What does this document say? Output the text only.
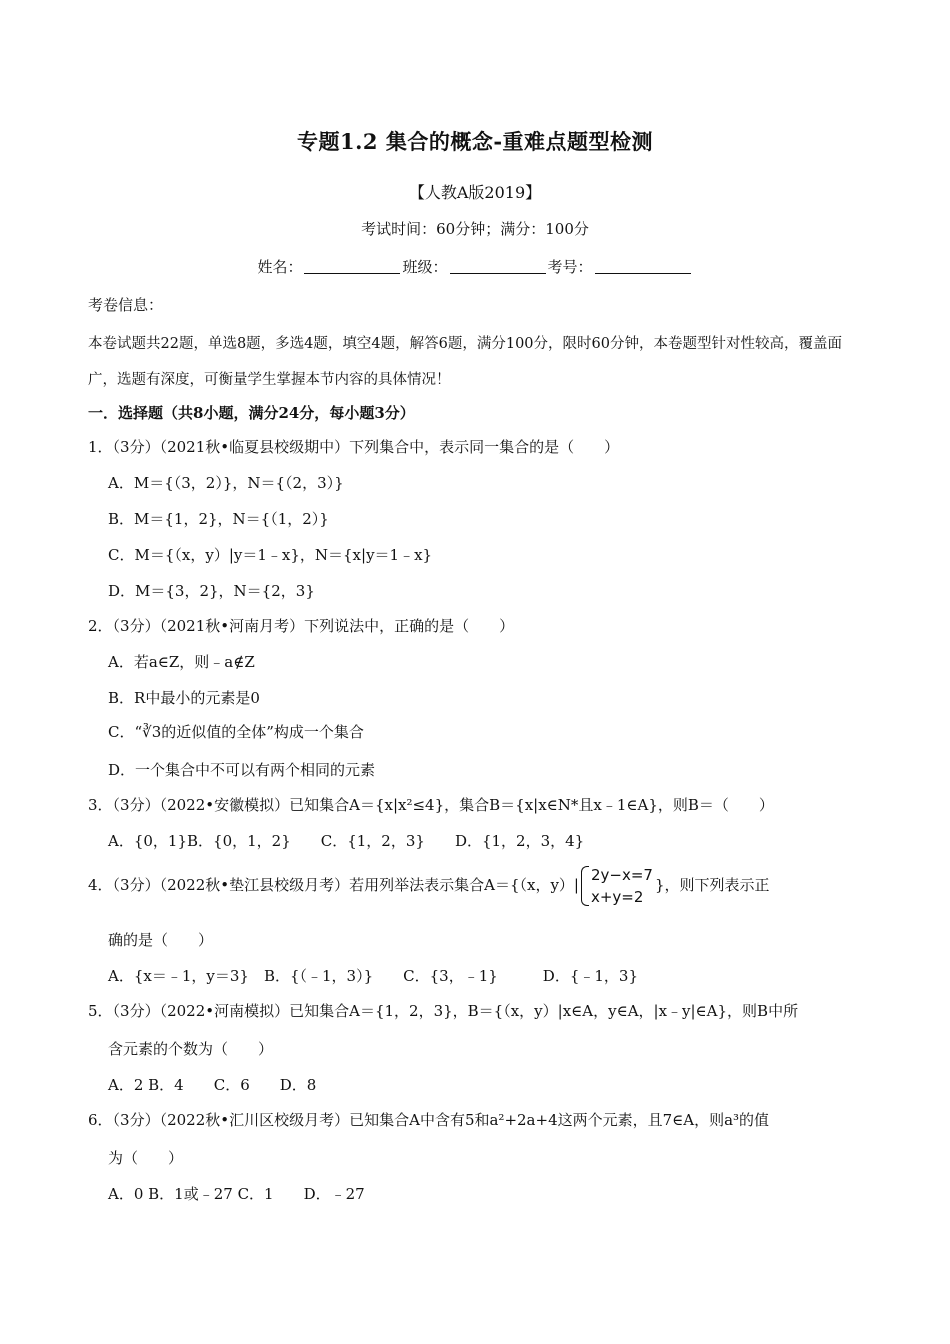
专题1.2 集合的概念-重难点题型检测
【人教A版2019】
考试时间：60分钟；满分：100分
姓名：	班级：	考号：
考卷信息：
本卷试题共22题，单选8题，多选4题，填空4题，解答6题，满分100分，限时60分钟，本卷题型针对性较高，覆盖面广，选题有深度，可衡量学生掌握本节内容的具体情况！
一．选择题（共8小题，满分24分，每小题3分）
1．（3分）（2021秋•临夏县校级期中）下列集合中，表示同一集合的是（　　）
A．M＝{（3，2）}，N＝{（2，3）}
B．M＝{1，2}，N＝{（1，2）}
C．M＝{（x，y）|y＝1﹣x}，N＝{x|y＝1﹣x}
D．M＝{3，2}，N＝{2，3}
2．（3分）（2021秋•河南月考）下列说法中，正确的是（　　）
A．若a∈Z，则﹣a∉Z
B．R中最小的元素是0
C．“∛3的近似值的全体”构成一个集合
D．一个集合中不可以有两个相同的元素
3．（3分）（2022•安徽模拟）已知集合A＝{x|x²≤4}，集合B＝{x|x∈N*且x﹣1∈A}，则B＝（　　）
A．{0，1}B．{0，1，2}　　C．{1，2，3}　　D．{1，2，3，4}
4．（3分）（2022秋•垫江县校级月考）若用列举法表示集合A＝{（x，y）|
2y−x=7
x+y=2
}，则下列表示正
确的是（　　）
A．{x＝﹣1，y＝3}　B．{（﹣1，3）}　　C．{3，﹣1}　　　D．{﹣1，3}
5．（3分）（2022•河南模拟）已知集合A＝{1，2，3}，B＝{（x，y）|x∈A，y∈A，|x﹣y|∈A}，则B中所
含元素的个数为（　　）
A．2 B．4　　C．6　　D．8
6．（3分）（2022秋•汇川区校级月考）已知集合A中含有5和a²+2a+4这两个元素，且7∈A，则a³的值
为（　　）
A．0 B．1或﹣27 C．1　　D．﹣27
